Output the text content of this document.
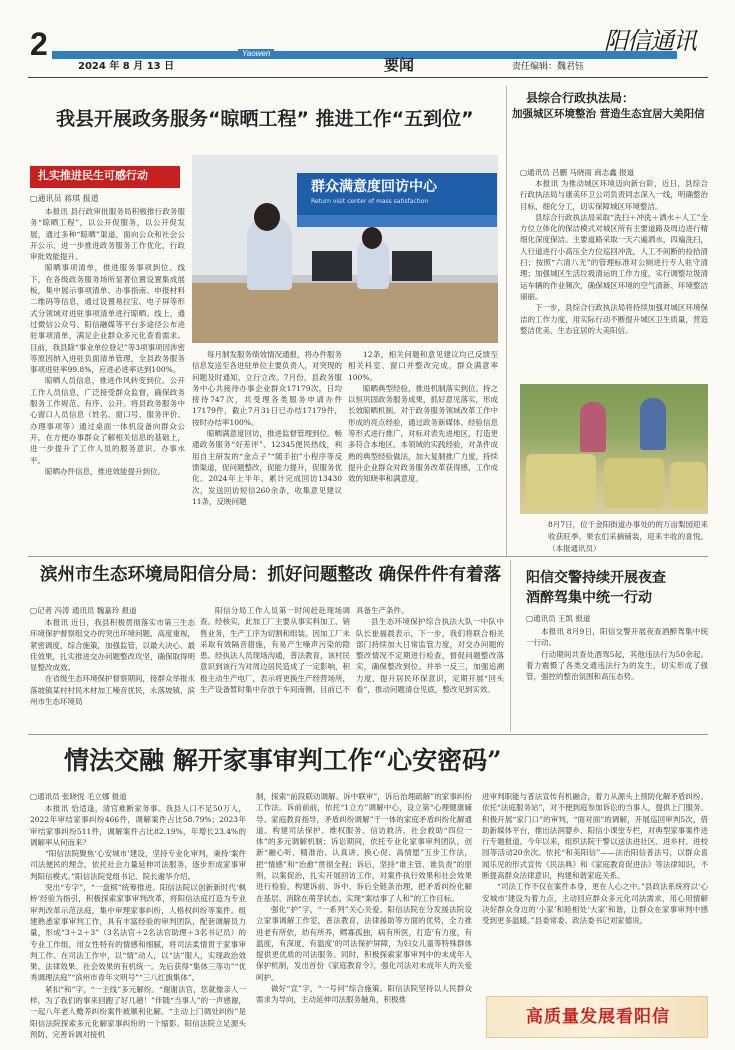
2	Yaowen
2024 年 8 月 13 日	要闻	责任编辑：魏君钰
阳信通讯
我县开展政务服务“晾晒工程” 推进工作“五到位”
扎实推进民生可感行动
▢通讯员 蒋琪 报道

本报讯 县行政审批服务局积极推行政务服务“晾晒工程”，以公开促服务，以公开促发展，通过多种“晾晒”渠道，面向公众和社会公开公示，进一步推进政务服务工作优化，行政审批效能提升。

晾晒事项清单，推进服务事项到位。线下，在各级政务服务场所显著位置设置集成展板，集中展示事项清单、办事指南、申报材料二维码等信息，通过设置易拉宝、电子屏等形式分领域对进驻事项清单进行晾晒。线上，通过微信公众号、阳信融媒等平台多途径公布进驻事项清单，满足企业群众多元化查看需求。目前，我县除“事业单位登记”等3项事项因涉密等原因纳入进驻负面清单管理，全县政务服务事项进驻率99.8%，应进必进率达到100%。

晾晒人员信息，推进作风转变到位。公开工作人员信息，广泛接受群众监督，确保政务服务工作规范、有序、公开。将县政务服务中心窗口人员信息（姓名、窗口号、服务评价、办理事项等）通过桌面一体机设备向群众公开，在方便办事群众了解相关信息的基础上，进一步提升了工作人员的服务意识、办事水平。

晾晒办件信息，推进效能提升到位。

群众满意度回访中心
Return visit center of mass satisfaction

每月制发服务绩效情况通报，将办件服务信息发送至各进驻单位主要负责人，对突现的问题及时通知，立行立改。7月份，县政务服务中心共接待办事企业群众17179次，日均接待747次，共受理各类服务申请办件17179件，截止7月31日已办结17179件，按时办结率100%。

晾晒满意度回访，推进监督管理到位。畅通政务服务“好差评”、12345便民热线，利用自主研发的“金点子”“随手拍”小程序等反馈渠道，促问题整改，促能力提升，促服务优化。2024年上半年，累计完成回访13430次，发送回访短信260余条，收集意见建议11条，反映问题

12条，相关问题和意见建议均已反馈至相关科室、窗口并整改完成，群众满意率100%。

晾晒典型经验，推进机制落实到位。持之以恒巩固政务服务成果，抓好意见落实，形成长效晾晒机制。对于政务服务领域改革工作中形成的亮点经验，通过政务新媒体、经验信息等形式进行推广，对标对表先进地区，打造更多符合本地区、本领域的实践经验，对条件成熟的典型经验做法，加大复制推广力度，持续提升企业群众对政务服务改革获得感，工作成效的知晓率和满意度。

县综合行政执法局：
加强城区环境整治 营造生态宜居大美阳信
▢通讯员 吕鹏 马晓雨 商志鑫 报道

本报讯 为推动城区环境迈向新台阶，近日，县综合行政执法局与康美环卫公司负责同志深入一线，明确整治目标，细化分工，切实保障城区环境整洁。

县综合行政执法局采取“洗扫＋冲洗＋洒水＋人工”全方位立体化的保洁模式对城区所有主要道路及周边进行精细化深度保洁。主要道路采取一天六遍洒水，四遍洗扫，人行道进行小高压全方位巡回冲洗，人工不间断的捡拾清扫；按照“六清八无”的管理标准对公厕进行专人驻守清理；加强城区生活垃圾清运的工作力度，实行调整垃圾清运车辆的作业频次，确保城区环境的空气清新、环境整洁丽丽。

下一步，县综合行政执法局将持续加强对城区环境保洁的工作力度，用实际行动不断提升城区卫生质量，营造整洁优美、生态宜居的大美阳信。

8月7日，位于金阳街道办事处的的万亩梨园迎来收获旺季。果农们采摘铺装，迎来丰收的喜悦。（本报通讯员）
滨州市生态环境局阳信分局：抓好问题整改 确保件件有着落
▢记者 冯涛 通讯员 魏嘉玲 报道

本报讯 近日，我县积极贯彻落实市第三生态环境保护督察组交办的突出环境问题，高度重视，紧密调度，综合施策，加强监管，以最大决心、最佳效果，扎实推进交办问题整改攻坚，确保取得明显整改成效。

在省级生态环境保护督察期间，接群众举报永落坡镇某村村民木材加工噪音扰民，永落坡镇、滨州市生态环境局

阳信分局工作人员第一时间赶赴现场调查。经核实，此加工厂主要从事实料加工、销售业务，生产工序为切割和组装。因加工厂未采取有效隔音措施，有易产生噪声污染的隐患。经执法人员现场沟通，普法教育，该村民意识到该行为对周边居民造成了一定影响，积极主动生产电厂，表示将更换生产经营场所，生产设备暂时集中存放于车间南侧，目前已不

具备生产条件。

县生态环境保护综合执法大队一中队中队长崔福晨表示，下一步，我们将联合相关部门持续加大日常监管力度，对交办问题的整改情况不定期进行检查，督促问题整改落实，确保整改到位。并举一反三，加强追溯力度，提升居民环保意识，定期开展“回头看”，推动问题清仓见底，整改见到实效。

阳信交警持续开展夜查
酒醉驾集中统一行动
▢通讯员 王凯 报道

本报讯 8月9日，阳信交警开展夜查酒醉驾集中统一行动。

行动期间共查处酒驾5起，其他违法行为50余起。着力震慑了各类交通违法行为的发生，切实形成了强管，强控的整治氛围和高压态势。

情法交融 解开家事审判工作“心安密码”
▢通讯员 张晓悦 毛立娜 报道

本报讯 恰适逢，清官难断家务事。我县人口不足50万人，2022年审结家事纠纷466件，调解案件占比58.79%；2023年审结家事纠纷511件，调解案件占比82.19%，年增长23.4%的调解率从何而来？

“阳信法院聚焦‘心安城市’建设，坚持专业化审判，秉持‘案件司法便民的理念，依托社会力量延伸司法服务，逐步形成家事审判阳信模式。”阳信法院党组书记、院长谢华介绍。

突出“专字”，“一盘棋”统筹推进。阳信法院以创新新时代‘枫桥’经验为指引，积极探索家事审判改革，将阳信法庭打造为专业审判改革示范法庭，集中审理家事纠纷，人格权纠纷等案件。组建熟悉家事审判工作，具有丰富经验的审判团队，配套调解员力量，形成“3＋2＋3”（3名法官＋2名法官助理＋3名书记员）的专业工作组，用女性特有的情感和细腻，将司法柔情贯于家事审判工作。在司法工作中，以“情”动人，以“法”服人，实现政治效果、法律效果、社会效果的有机统一。先后获得“集体三等功”“优秀调理法庭”“滨州市青年文明号”“三八红旗集体”。

紧扣“和”字，“一主线”多元解纷。“谢谢法官，您就像亲人一样，为了我们的事来回跑了好几趟！”伴随“当事人”的一声感谢，一起八年老人赡养纠纷案件被顺利化解。“主动上门调处纠纷”是阳信法院探索多元化解家事纠纷的一个缩影。阳信法院立足源头预防，完善诉调对接机

制，探索“前段联动调解、诉中联审”，诉后治理疏解”的家事纠纷工作法。诉前前前，依托“1立方”调解中心，设立第“心理健康辅导、家庭教育指导，矛盾纠纷调解”于一体的家庭矛盾纠纷化解通道。构建司法保护、维权服务、信访救济、社会救助“四位一体”的多元调解机制；诉讼期间，依托专业化家事审判团队，创新“融心听、精准治、认真讲、换心促、高情愿”五步工作法，把“情感”和“治愈”贯彻全程；诉后，坚持“谁主管、谁负责”的原则，以案促治，扎实开展回访工作，对案件执行效果和社会效果进行检验，构建诉前、诉中、诉后全链条治理，把矛盾纠纷化解在基层、消除在萌芽状态。实现“案结事了人和”的工作目标。

强化“护”字，“一系列”关心关爱。阳信法院在分发援法院设立家事调解工作室，普法教育，法律援助等方面的优势，全力推进老有所依，幼有所养，鳏寡孤独，病有所医，打造‘有力度，有温度，有深度，有温度’的司法保护屏障，为妇女儿童等特殊群体提供更优质的司法服务。同时，积极探索家事审判中的未成年人保护机制，发出首份《家庭教育令》，强化司法对未成年人的关爱呵护。

做好“宣”字，“一号问”综合施策。阳信法院坚持以人民群众需求为导向，主动延伸司法服务触角，积极推

进审判职能与普法宣传有机融合，着力从源头上预防化解矛盾纠纷。依托“法庭服务站”，对不便到庭参加诉讼的当事人，提供上门服务。积极开展“家门口”的审判，“面对面”的调解，开展巡回审判5次，借助新媒体平台，推出法润婴乡、阳信小课堂专栏，对典型家事案件进行专题报道。今年以来，组织法院干警以送法进社区、进乡村、进校园等活动20余次。依托“和美阳信”——法治阳信普法号，以群众喜闻乐见的形式宣传《民法典》和《家庭教育促进法》等法律知识，不断提高群众法律意识，构建和谐家庭关系。

“司法工作不仅在案件本身，更在人心之中。”县政法系统将以‘心安城市’建设为着力点，主动回应群众多元化司法需求，用心用情解决好群众身边的‘小家’和睦相处‘大家’和谐，让群众在家事审判中感受到更多温暖。”县委常委、政法委书记刘家德说。

高质量发展看阳信
